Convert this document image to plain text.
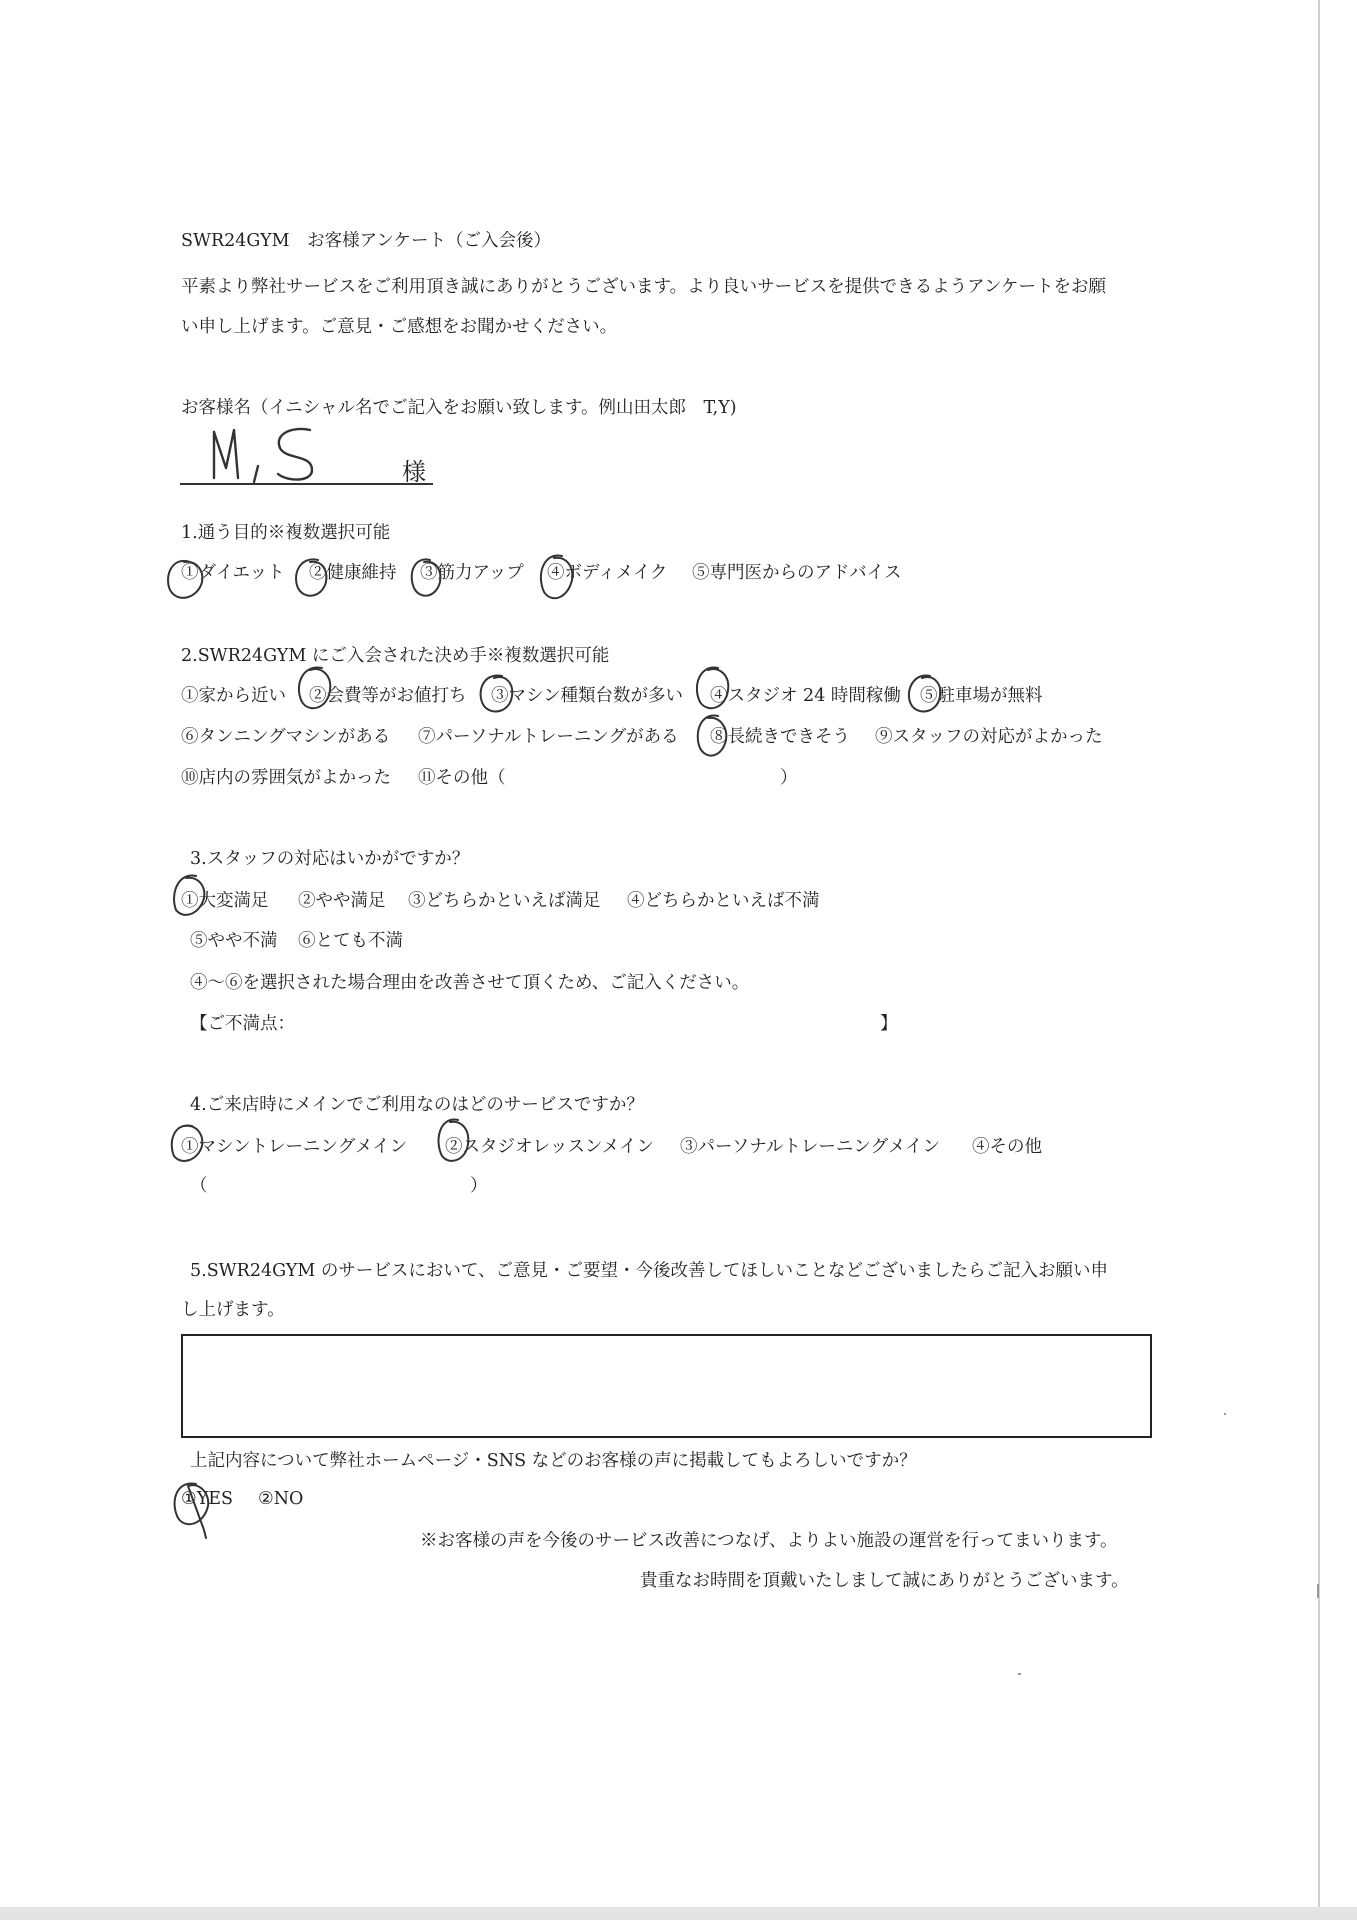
SWR24GYM　お客様アンケート（ご入会後）
平素より弊社サービスをご利用頂き誠にありがとうございます。より良いサービスを提供できるようアンケートをお願
い申し上げます。ご意見・ご感想をお聞かせください。
お客様名（イニシャル名でご記入をお願い致します。例山田太郎　T,Y)
様
1.通う目的※複数選択可能
①ダイエット ②健康維持 ③筋力アップ ④ボディメイク ⑤専門医からのアドバイス
2.SWR24GYM にご入会された決め手※複数選択可能
①家から近い ②会費等がお値打ち ③マシン種類台数が多い ④スタジオ 24 時間稼働 ⑤駐車場が無料
⑥タンニングマシンがある ⑦パーソナルトレーニングがある ⑧長続きできそう ⑨スタッフの対応がよかった
⑩店内の雰囲気がよかった ⑪その他（	）
3.スタッフの対応はいかがですか？
①大変満足 ②やや満足 ③どちらかといえば満足 ④どちらかといえば不満
⑤やや不満 ⑥とても不満
④～⑥を選択された場合理由を改善させて頂くため、ご記入ください。
【ご不満点：	】
4.ご来店時にメインでご利用なのはどのサービスですか？
①マシントレーニングメイン ②スタジオレッスンメイン ③パーソナルトレーニングメイン ④その他
（	）
5.SWR24GYM のサービスにおいて、ご意見・ご要望・今後改善してほしいことなどございましたらご記入お願い申
し上げます。
上記内容について弊社ホームページ・SNS などのお客様の声に掲載してもよろしいですか？
①YES ②NO
※お客様の声を今後のサービス改善につなげ、よりよい施設の運営を行ってまいります。
貴重なお時間を頂戴いたしまして誠にありがとうございます。
